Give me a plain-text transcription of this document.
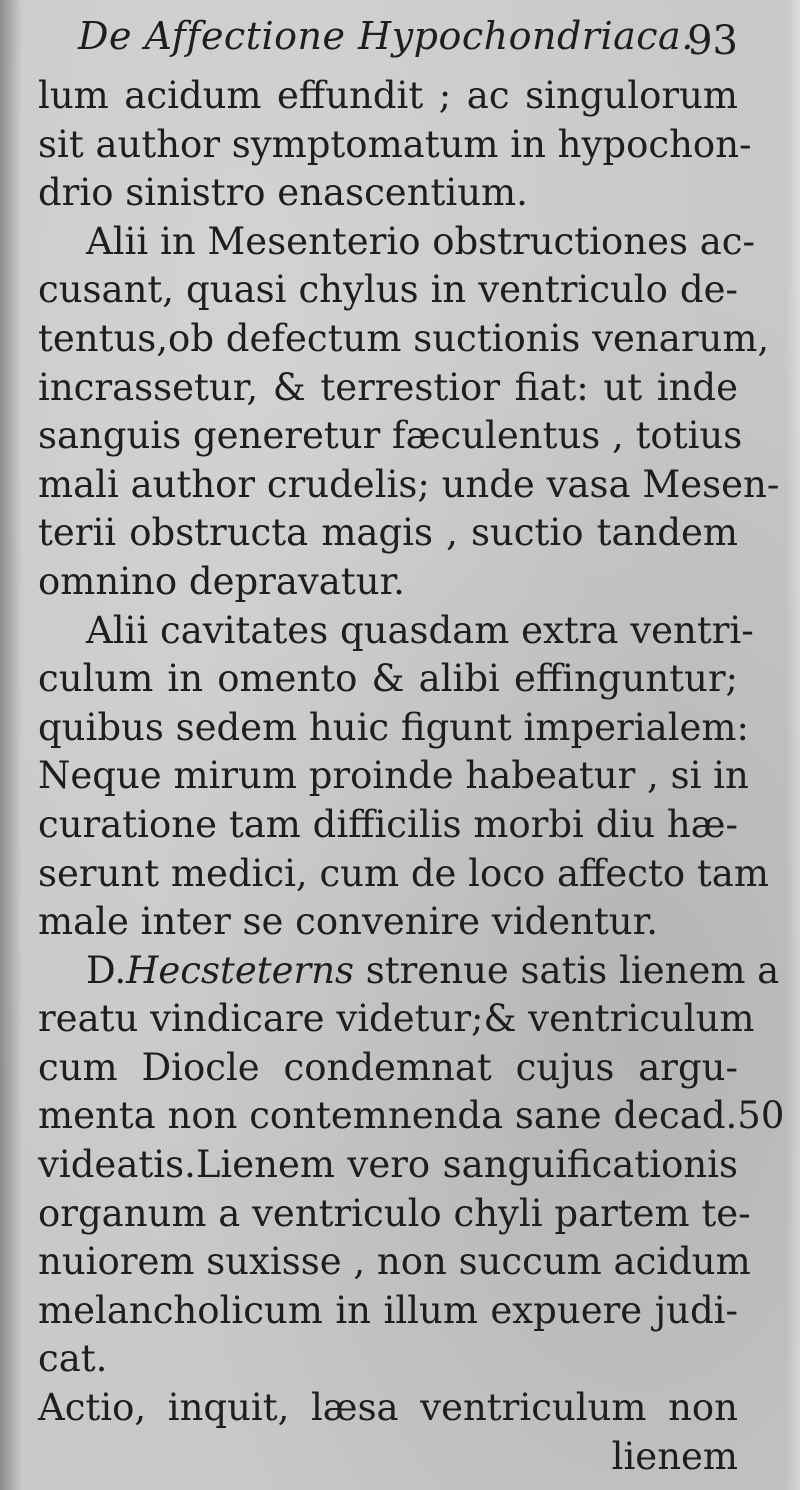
De Affectione Hypochondriaca.
93
lum acidum effundit ; ac singulorum
sit author symptomatum in hypochon-
drio sinistro enascentium.
Alii in Mesenterio obstructiones ac-
cusant, quasi chylus in ventriculo de-
tentus,ob defectum suctionis venarum,
incrassetur, & terrestior fiat: ut inde
sanguis generetur fæculentus , totius
mali author crudelis; unde vasa Mesen-
terii obstructa magis , suctio tandem
omnino depravatur.
Alii cavitates quasdam extra ventri-
culum in omento & alibi effinguntur;
quibus sedem huic figunt imperialem:
Neque mirum proinde habeatur , si in
curatione tam difficilis morbi diu hæ-
serunt medici, cum de loco affecto tam
male inter se convenire videntur.
D.Hecsteterns strenue satis lienem a
reatu vindicare videtur;& ventriculum
cum Diocle condemnat cujus argu-
menta non contemnenda sane decad.50
videatis.Lienem vero sanguificationis
organum a ventriculo chyli partem te-
nuiorem suxisse , non succum acidum
melancholicum in illum expuere judi-
cat.
Actio, inquit, læsa ventriculum non
lienem
